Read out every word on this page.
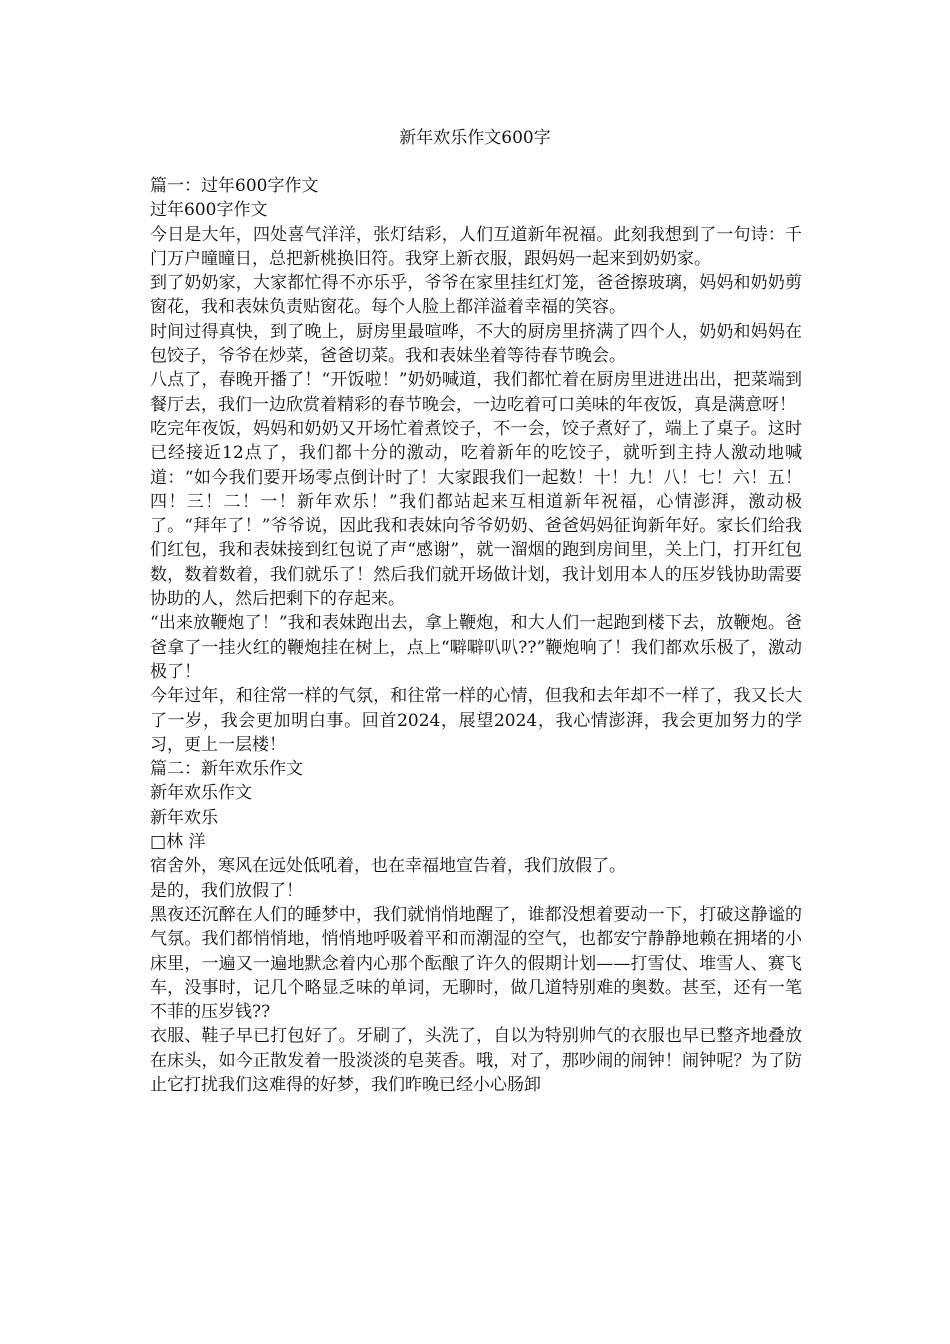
新年欢乐作文600字

篇一：过年600字作文

过年600字作文

今日是大年，四处喜气洋洋，张灯结彩，人们互道新年祝福。此刻我想到了一句诗：千门万户曈曈日，总把新桃换旧符。我穿上新衣服，跟妈妈一起来到奶奶家。

到了奶奶家，大家都忙得不亦乐乎，爷爷在家里挂红灯笼，爸爸擦玻璃，妈妈和奶奶剪窗花，我和表妹负责贴窗花。每个人脸上都洋溢着幸福的笑容。

时间过得真快，到了晚上，厨房里最喧哗，不大的厨房里挤满了四个人，奶奶和妈妈在包饺子，爷爷在炒菜，爸爸切菜。我和表妹坐着等待春节晚会。

八点了，春晚开播了！“开饭啦！”奶奶喊道，我们都忙着在厨房里进进出出，把菜端到餐厅去，我们一边欣赏着精彩的春节晚会，一边吃着可口美味的年夜饭，真是满意呀！

吃完年夜饭，妈妈和奶奶又开场忙着煮饺子，不一会，饺子煮好了，端上了桌子。这时已经接近12点了，我们都十分的激动，吃着新年的吃饺子，就听到主持人激动地喊道：“如今我们要开场零点倒计时了！大家跟我们一起数！十！九！八！七！六！五！四！三！二！一！新年欢乐！”我们都站起来互相道新年祝福，心情澎湃，激动极了。“拜年了！”爷爷说，因此我和表妹向爷爷奶奶、爸爸妈妈征询新年好。家长们给我们红包，我和表妹接到红包说了声“感谢”，就一溜烟的跑到房间里，关上门，打开红包数，数着数着，我们就乐了！然后我们就开场做计划，我计划用本人的压岁钱协助需要协助的人，然后把剩下的存起来。

“出来放鞭炮了！”我和表妹跑出去，拿上鞭炮，和大人们一起跑到楼下去，放鞭炮。爸爸拿了一挂火红的鞭炮挂在树上，点上“噼噼叭叭??”鞭炮响了！我们都欢乐极了，激动极了！

今年过年，和往常一样的气氛，和往常一样的心情，但我和去年却不一样了，我又长大了一岁，我会更加明白事。回首2024，展望2024，我心情澎湃，我会更加努力的学习，更上一层楼！

篇二：新年欢乐作文

新年欢乐作文

新年欢乐

□林 洋

宿舍外，寒风在远处低吼着，也在幸福地宣告着，我们放假了。

是的，我们放假了！

黑夜还沉醉在人们的睡梦中，我们就悄悄地醒了，谁都没想着要动一下，打破这静谧的气氛。我们都悄悄地，悄悄地呼吸着平和而潮湿的空气，也都安宁静静地赖在拥堵的小床里，一遍又一遍地默念着内心那个酝酿了许久的假期计划——打雪仗、堆雪人、赛飞车，没事时，记几个略显乏味的单词，无聊时，做几道特别难的奥数。甚至，还有一笔不菲的压岁钱??

衣服、鞋子早已打包好了。牙刷了，头洗了，自以为特别帅气的衣服也早已整齐地叠放在床头，如今正散发着一股淡淡的皂荚香。哦，对了，那吵闹的闹钟！闹钟呢？为了防止它打扰我们这难得的好梦，我们昨晚已经小心肠卸
